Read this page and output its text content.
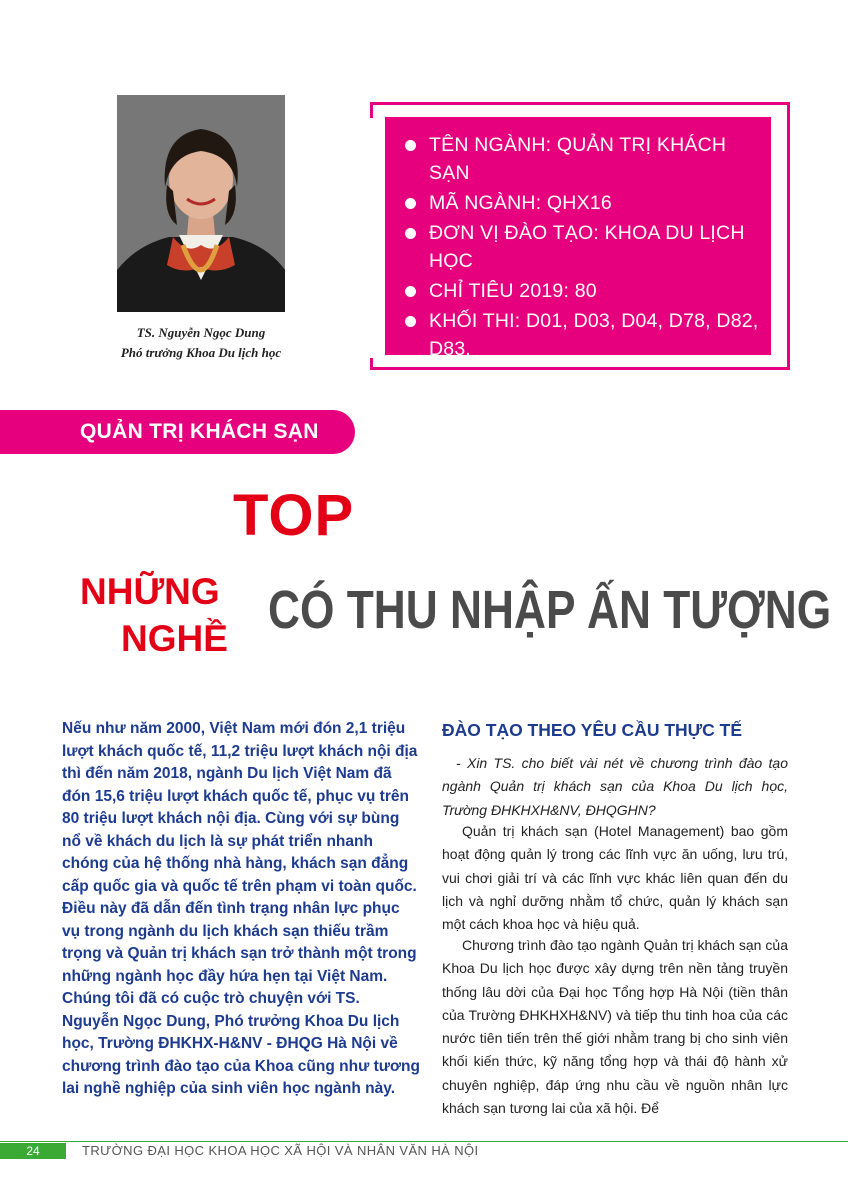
TS. Nguyễn Ngọc Dung
Phó trưởng Khoa Du lịch học
TÊN NGÀNH: QUẢN TRỊ KHÁCH SẠN
MÃ NGÀNH: QHX16
ĐƠN VỊ ĐÀO TẠO: KHOA DU LỊCH HỌC
CHỈ TIÊU 2019: 80
KHỐI THI: D01, D03, D04, D78, D82, D83.
QUẢN TRỊ KHÁCH SẠN
TOP
NHỮNG
NGHỀ CÓ THU NHẬP ẤN TƯỢNG
Nếu như năm 2000, Việt Nam mới đón 2,1 triệu lượt khách quốc tế, 11,2 triệu lượt khách nội địa thì đến năm 2018, ngành Du lịch Việt Nam đã đón 15,6 triệu lượt khách quốc tế, phục vụ trên 80 triệu lượt khách nội địa. Cùng với sự bùng nổ về khách du lịch là sự phát triển nhanh chóng của hệ thống nhà hàng, khách sạn đẳng cấp quốc gia và quốc tế trên phạm vi toàn quốc. Điều này đã dẫn đến tình trạng nhân lực phục vụ trong ngành du lịch khách sạn thiếu trầm trọng và Quản trị khách sạn trở thành một trong những ngành học đầy hứa hẹn tại Việt Nam. Chúng tôi đã có cuộc trò chuyện với TS. Nguyễn Ngọc Dung, Phó trưởng Khoa Du lịch học, Trường ĐHKHX-H&NV - ĐHQG Hà Nội về chương trình đào tạo của Khoa cũng như tương lai nghề nghiệp của sinh viên học ngành này.
ĐÀO TẠO THEO YÊU CẦU THỰC TẾ
- Xin TS. cho biết vài nét về chương trình đào tạo ngành Quản trị khách sạn của Khoa Du lịch học, Trường ĐHKHXH&NV, ĐHQGHN?
Quản trị khách sạn (Hotel Management) bao gồm hoạt động quản lý trong các lĩnh vực ăn uống, lưu trú, vui chơi giải trí và các lĩnh vực khác liên quan đến du lịch và nghỉ dưỡng nhằm tổ chức, quản lý khách sạn một cách khoa học và hiệu quả.
Chương trình đào tạo ngành Quản trị khách sạn của Khoa Du lịch học được xây dựng trên nền tảng truyền thống lâu dời của Đại học Tổng hợp Hà Nội (tiền thân của Trường ĐHKHXH&NV) và tiếp thu tinh hoa của các nước tiên tiến trên thế giới nhằm trang bị cho sinh viên khối kiến thức, kỹ năng tổng hợp và thái độ hành xử chuyên nghiệp, đáp ứng nhu cầu về nguồn nhân lực khách sạn tương lai của xã hội. Để
24	TRƯỜNG ĐẠI HỌC KHOA HỌC XÃ HỘI VÀ NHÂN VĂN HÀ NỘI
